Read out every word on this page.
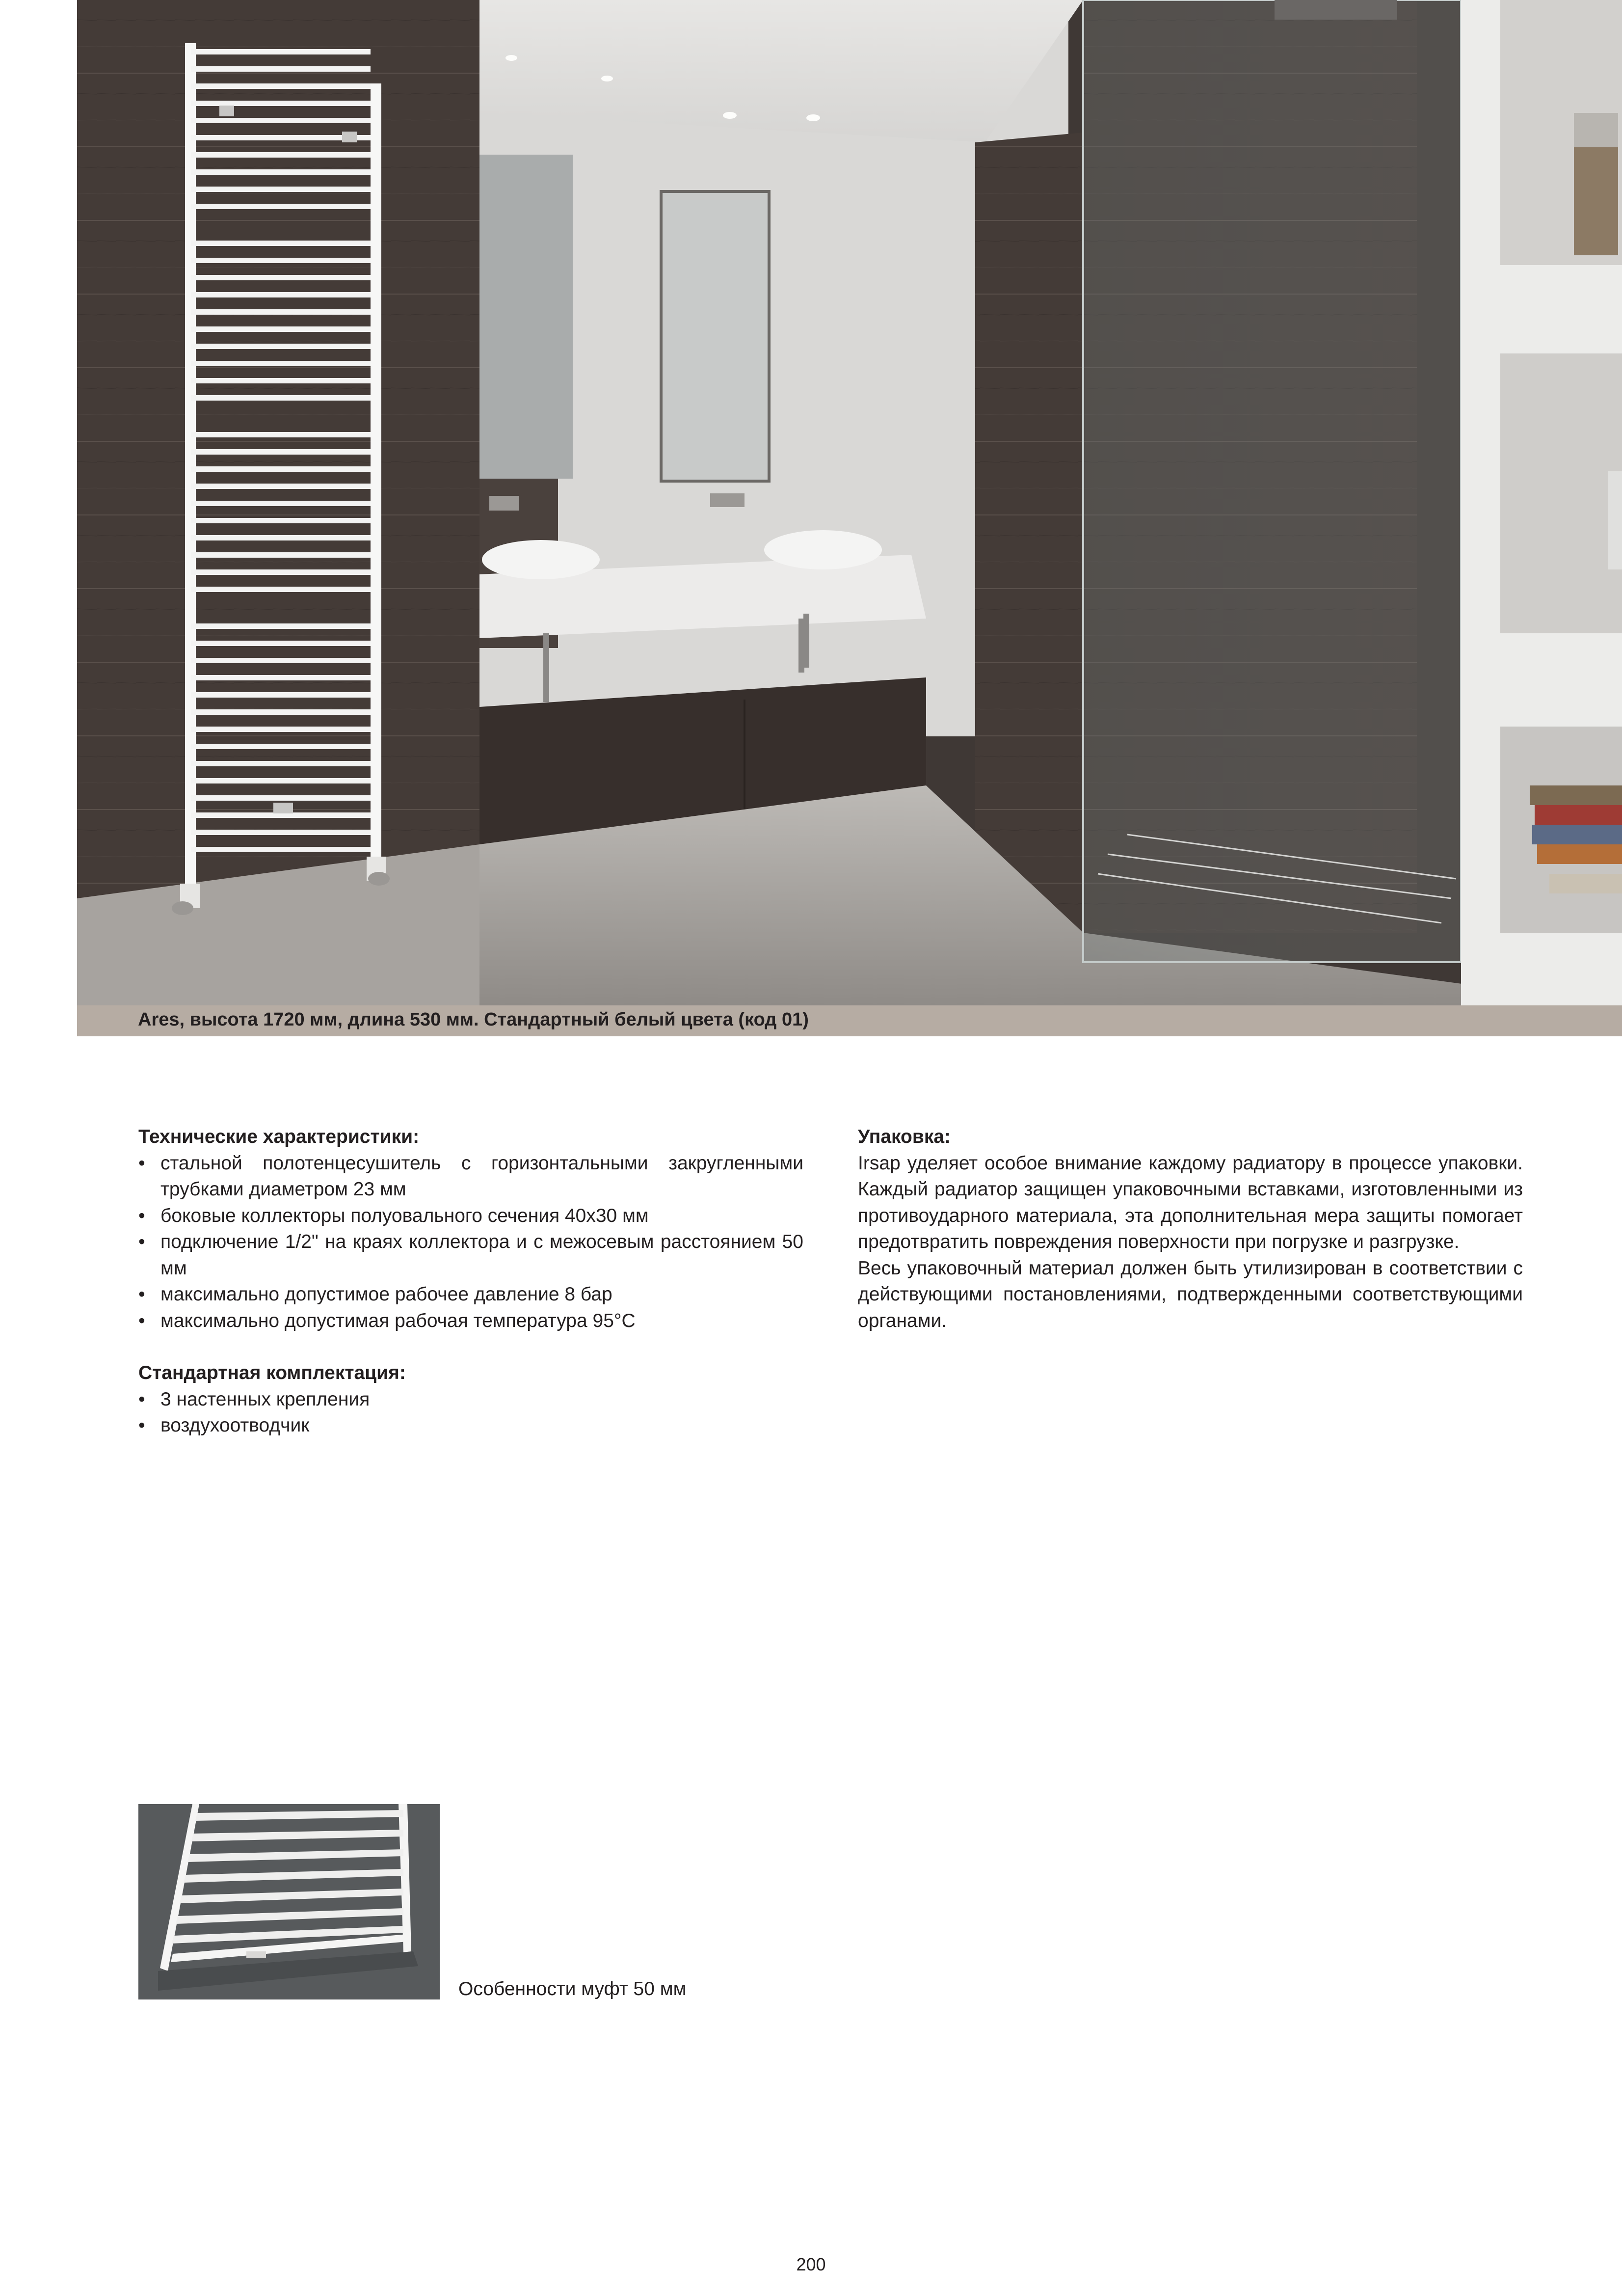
Ares, высота 1720 мм, длина 530 мм. Стандартный белый цвета (код 01)

Технические характеристики:

• стальной полотенцесушитель с горизонтальными закругленными трубками диаметром 23 мм
• боковые коллекторы полуовального сечения 40x30 мм
• подключение 1/2" на краях коллектора и с межосевым расстоянием 50 мм
• максимально допустимое рабочее давление 8 бар
• максимально допустимая рабочая температура 95°C

Стандартная комплектация:

• 3 настенных крепления
• воздухоотводчик

Упаковка:

Irsap уделяет особое внимание каждому радиатору в процессе упаковки. Каждый радиатор защищен упаковочными вставками, изготовленными из противоударного материала, эта дополнительная мера защиты помогает предотвратить повреждения поверхности при погрузке и разгрузке.

Весь упаковочный материал должен быть утилизирован в соответствии с действующими постановлениями, подтвержденными соответствующими органами.

Особенности муфт 50 мм
200
